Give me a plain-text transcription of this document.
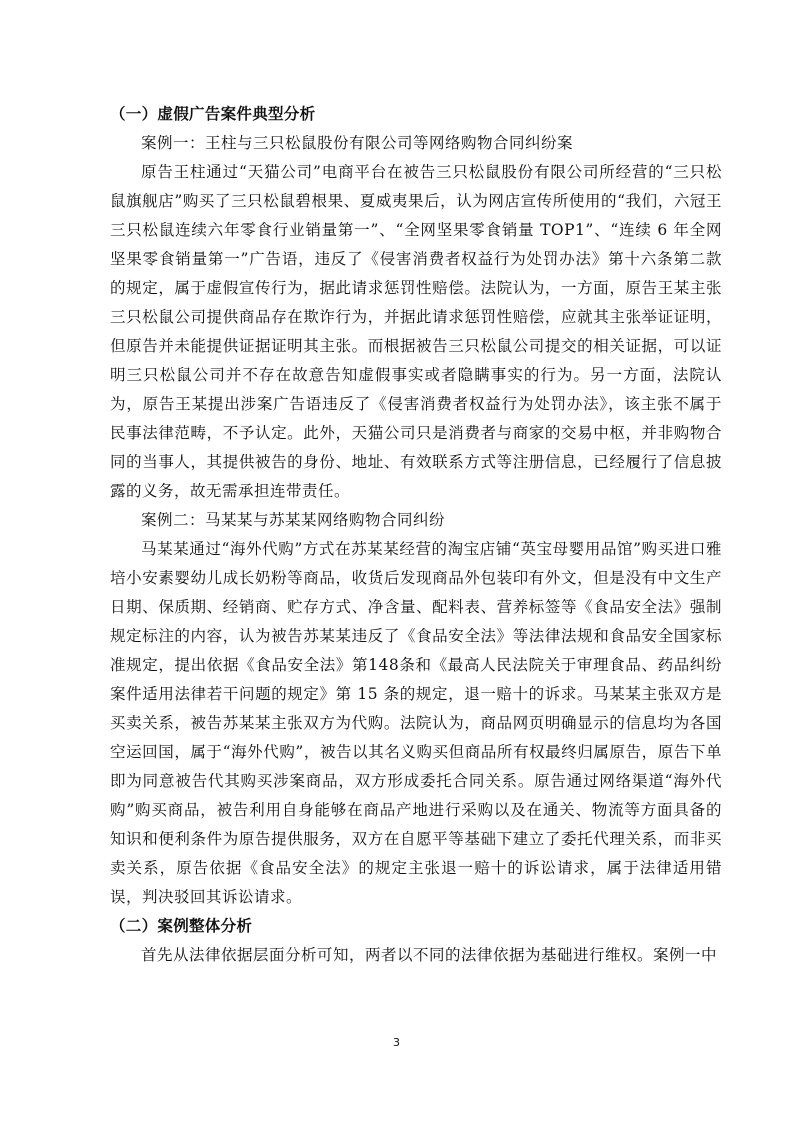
（一）虚假广告案件典型分析

案例一：王柱与三只松鼠股份有限公司等网络购物合同纠纷案

原告王柱通过“天猫公司”电商平台在被告三只松鼠股份有限公司所经营的“三只松鼠旗舰店”购买了三只松鼠碧根果、夏威夷果后，认为网店宣传所使用的“我们，六冠王三只松鼠连续六年零食行业销量第一”、“全网坚果零食销量 TOP1”、“连续 6 年全网坚果零食销量第一”广告语，违反了《侵害消费者权益行为处罚办法》第十六条第二款的规定，属于虚假宣传行为，据此请求惩罚性赔偿。法院认为，一方面，原告王某主张三只松鼠公司提供商品存在欺诈行为，并据此请求惩罚性赔偿，应就其主张举证证明，但原告并未能提供证据证明其主张。而根据被告三只松鼠公司提交的相关证据，可以证明三只松鼠公司并不存在故意告知虚假事实或者隐瞒事实的行为。另一方面，法院认为，原告王某提出涉案广告语违反了《侵害消费者权益行为处罚办法》，该主张不属于民事法律范畴，不予认定。此外，天猫公司只是消费者与商家的交易中枢，并非购物合同的当事人，其提供被告的身份、地址、有效联系方式等注册信息，已经履行了信息披露的义务，故无需承担连带责任。

案例二：马某某与苏某某网络购物合同纠纷

马某某通过“海外代购”方式在苏某某经营的淘宝店铺“英宝母婴用品馆”购买进口雅培小安素婴幼儿成长奶粉等商品，收货后发现商品外包装印有外文，但是没有中文生产日期、保质期、经销商、贮存方式、净含量、配料表、营养标签等《食品安全法》强制规定标注的内容，认为被告苏某某违反了《食品安全法》等法律法规和食品安全国家标准规定，提出依据《食品安全法》第148条和《最高人民法院关于审理食品、药品纠纷案件适用法律若干问题的规定》第 15 条的规定，退一赔十的诉求。马某某主张双方是买卖关系，被告苏某某主张双方为代购。法院认为，商品网页明确显示的信息均为各国空运回国，属于“海外代购”，被告以其名义购买但商品所有权最终归属原告，原告下单即为同意被告代其购买涉案商品，双方形成委托合同关系。原告通过网络渠道“海外代购”购买商品，被告利用自身能够在商品产地进行采购以及在通关、物流等方面具备的知识和便利条件为原告提供服务，双方在自愿平等基础下建立了委托代理关系，而非买卖关系，原告依据《食品安全法》的规定主张退一赔十的诉讼请求，属于法律适用错误，判决驳回其诉讼请求。

（二）案例整体分析

首先从法律依据层面分析可知，两者以不同的法律依据为基础进行维权。案例一中

3
